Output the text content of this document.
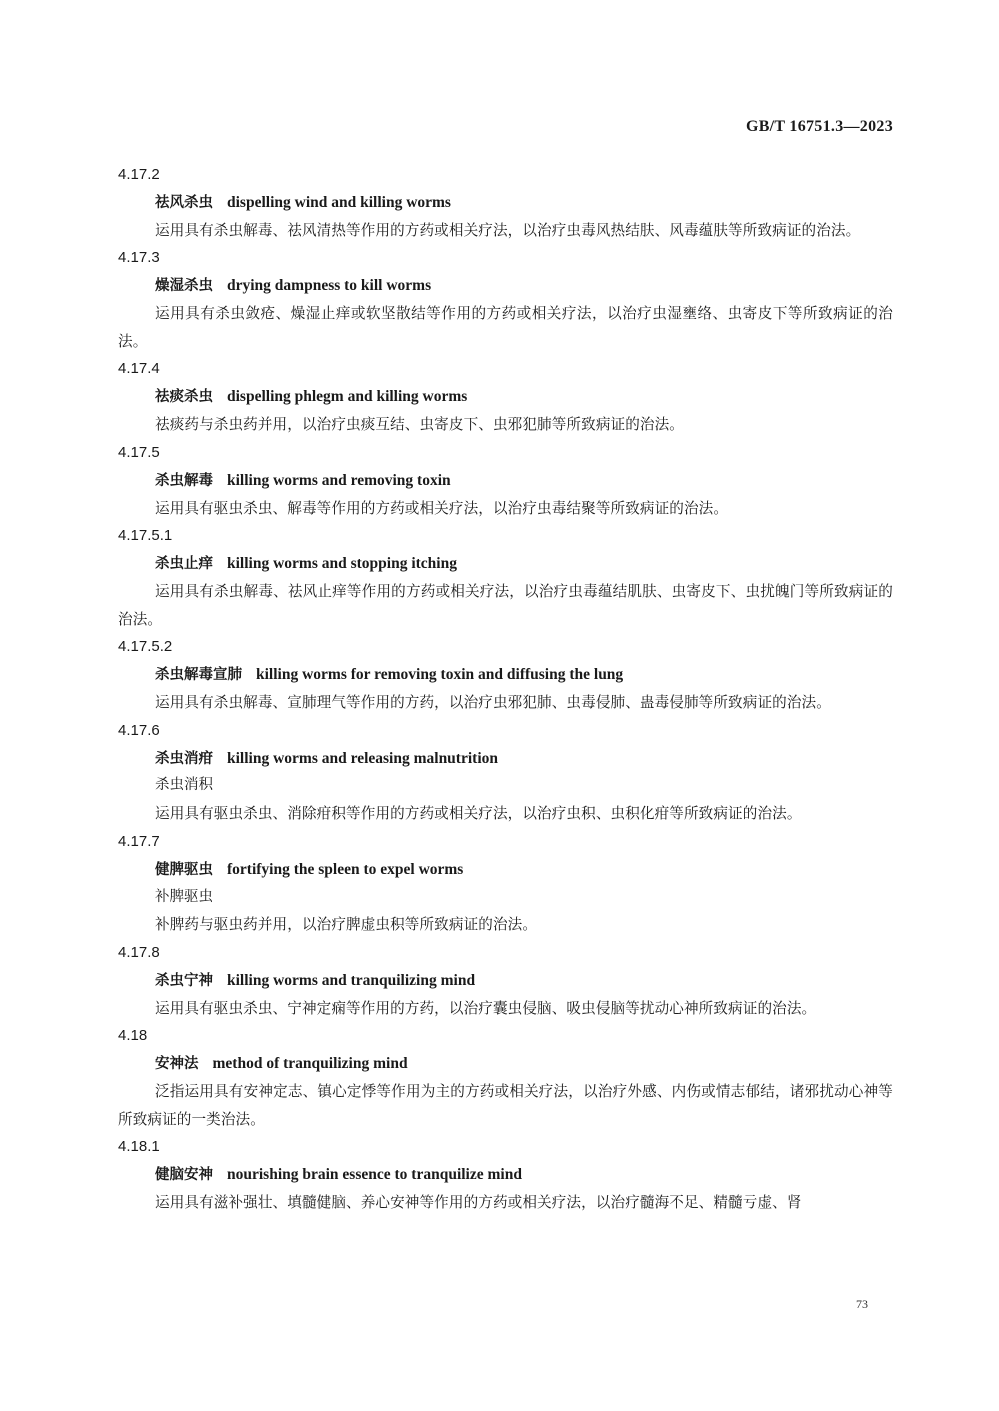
GB/T 16751.3—2023
4.17.2
祛风杀虫 dispelling wind and killing worms
运用具有杀虫解毒、祛风清热等作用的方药或相关疗法，以治疗虫毒风热结肤、风毒蕴肤等所致病证的治法。
4.17.3
燥湿杀虫 drying dampness to kill worms
运用具有杀虫敛疮、燥湿止痒或软坚散结等作用的方药或相关疗法，以治疗虫湿壅络、虫寄皮下等所致病证的治法。
4.17.4
祛痰杀虫 dispelling phlegm and killing worms
祛痰药与杀虫药并用，以治疗虫痰互结、虫寄皮下、虫邪犯肺等所致病证的治法。
4.17.5
杀虫解毒 killing worms and removing toxin
运用具有驱虫杀虫、解毒等作用的方药或相关疗法，以治疗虫毒结聚等所致病证的治法。
4.17.5.1
杀虫止痒 killing worms and stopping itching
运用具有杀虫解毒、祛风止痒等作用的方药或相关疗法，以治疗虫毒蕴结肌肤、虫寄皮下、虫扰魄门等所致病证的治法。
4.17.5.2
杀虫解毒宣肺 killing worms for removing toxin and diffusing the lung
运用具有杀虫解毒、宣肺理气等作用的方药，以治疗虫邪犯肺、虫毒侵肺、蛊毒侵肺等所致病证的治法。
4.17.6
杀虫消疳 killing worms and releasing malnutrition
杀虫消积
运用具有驱虫杀虫、消除疳积等作用的方药或相关疗法，以治疗虫积、虫积化疳等所致病证的治法。
4.17.7
健脾驱虫 fortifying the spleen to expel worms
补脾驱虫
补脾药与驱虫药并用，以治疗脾虚虫积等所致病证的治法。
4.17.8
杀虫宁神 killing worms and tranquilizing mind
运用具有驱虫杀虫、宁神定痫等作用的方药，以治疗囊虫侵脑、吸虫侵脑等扰动心神所致病证的治法。
4.18
安神法 method of tranquilizing mind
泛指运用具有安神定志、镇心定悸等作用为主的方药或相关疗法，以治疗外感、内伤或情志郁结，诸邪扰动心神等所致病证的一类治法。
4.18.1
健脑安神 nourishing brain essence to tranquilize mind
运用具有滋补强壮、填髓健脑、养心安神等作用的方药或相关疗法，以治疗髓海不足、精髓亏虚、肾
73
